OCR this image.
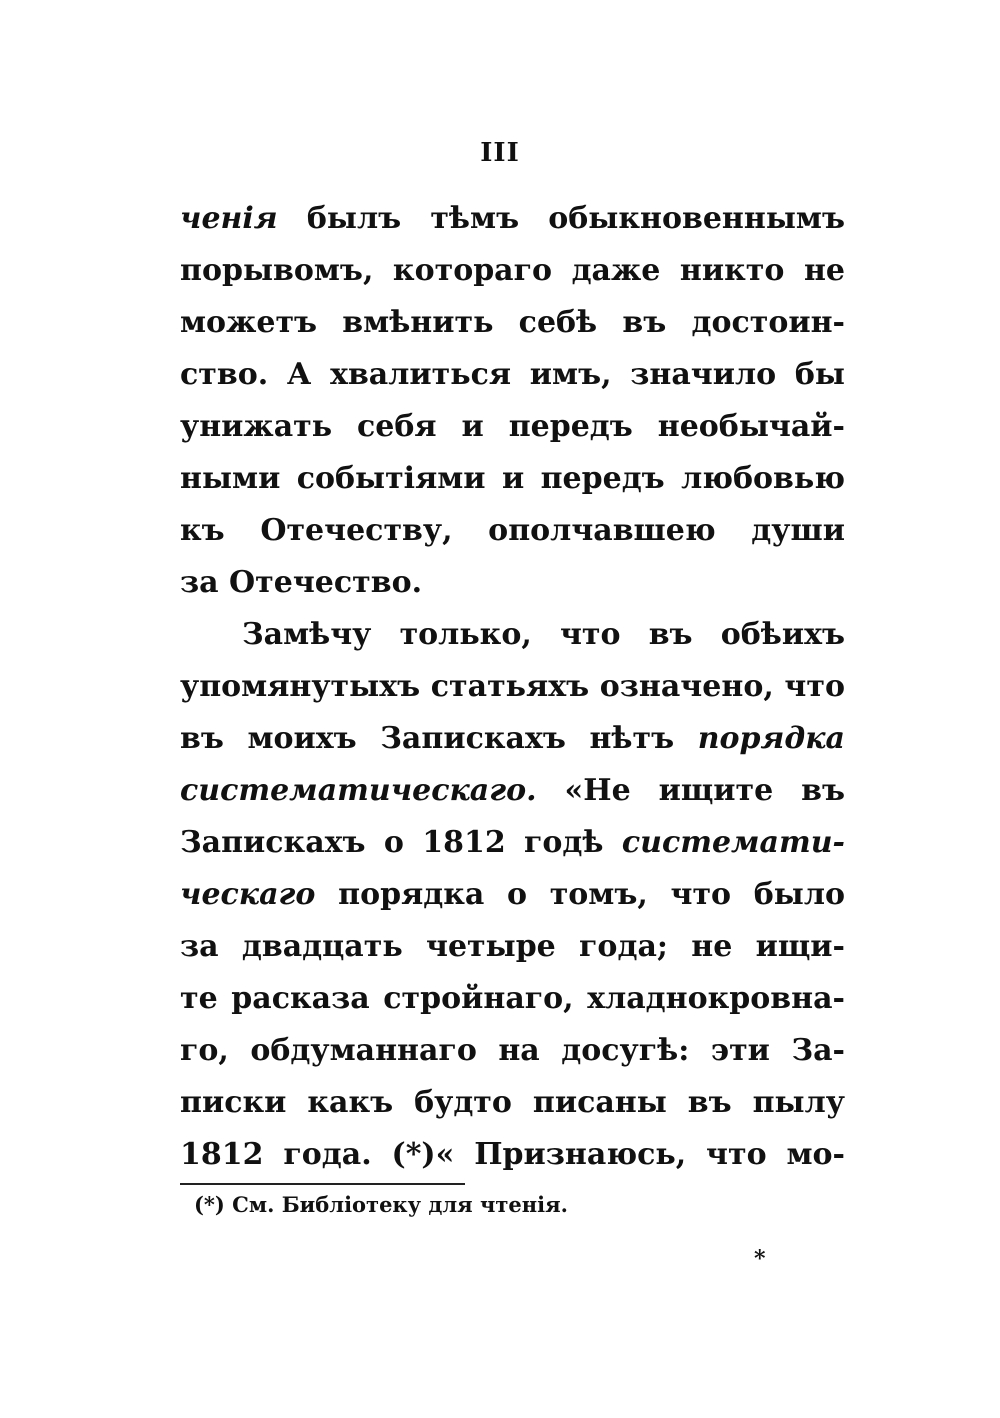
III
ченія былъ тѣмъ обыкновеннымъ
порывомъ, котораго даже никто не
можетъ вмѣнить себѣ въ достоин-
ство. А хвалиться имъ, значило бы
унижать себя и передъ необычай-
ными событіями и передъ любовью
къ Отечеству, ополчавшею души
за Отечество.
Замѣчу только, что въ обѣихъ
упомянутыхъ статьяхъ означено, что
въ моихъ Запискахъ нѣтъ порядка
систематическаго. «Не ищите въ
Запискахъ о 1812 годѣ системати-
ческаго порядка о томъ, что было
за двадцать четыре года; не ищи-
те расказа стройнаго, хладнокровна-
го, обдуманнаго на досугѣ: эти За-
писки какъ будто писаны въ пылу
1812 года. (*)« Признаюсь, что мо-
(*) См. Библіотеку для чтенія.
*
